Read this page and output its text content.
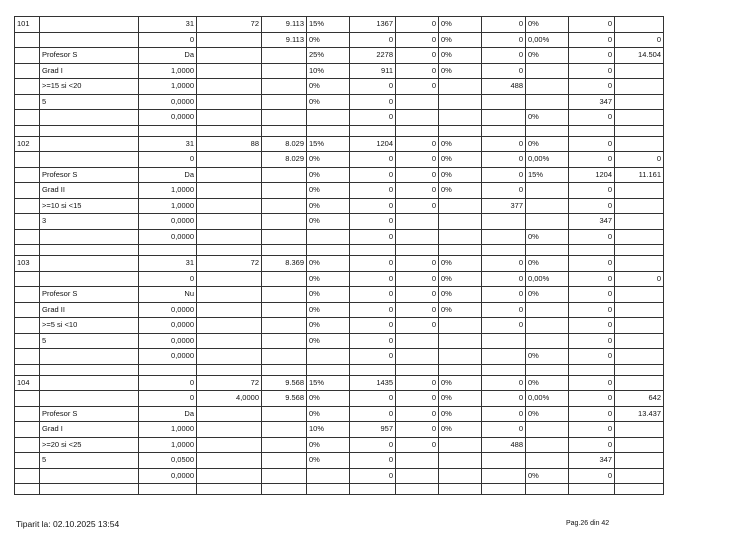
101		31	72	9.113	15%	1367	0	0%	0	0%	0	
		0		9.113	0%	0	0	0%	0	0,00%	0	0
	Profesor S	Da			25%	2278	0	0%	0	0%	0	14.504
	Grad I	1,0000			10%	911	0	0%	0		0	
	>=15 si <20	1,0000			0%	0	0		488		0	
	5	0,0000			0%	0					347	
		0,0000				0				0%	0	

102		31	88	8.029	15%	1204	0	0%	0	0%	0	
		0		8.029	0%	0	0	0%	0	0,00%	0	0
	Profesor S	Da			0%	0	0	0%	0	15%	1204	11.161
	Grad II	1,0000			0%	0	0	0%	0		0	
	>=10 si <15	1,0000			0%	0	0		377		0	
	3	0,0000			0%	0					347	
		0,0000				0				0%	0	

103		31	72	8.369	0%	0	0	0%	0	0%	0	
		0			0%	0	0	0%	0	0,00%	0	0
	Profesor S	Nu			0%	0	0	0%	0	0%	0	
	Grad II	0,0000			0%	0	0	0%	0		0	
	>=5 si <10	0,0000			0%	0	0		0		0	
	5	0,0000			0%	0					0	
		0,0000				0				0%	0	

104		0	72	9.568	15%	1435	0	0%	0	0%	0	
		0	4,0000	9.568	0%	0	0	0%	0	0,00%	0	642
	Profesor S	Da			0%	0	0	0%	0	0%	0	13.437
	Grad I	1,0000			10%	957	0	0%	0		0	
	>=20 si <25	1,0000			0%	0	0		488		0	
	5	0,0500			0%	0					347	
		0,0000				0				0%	0	

Tiparit la: 02.10.2025 13:54	Pag.26 din 42
